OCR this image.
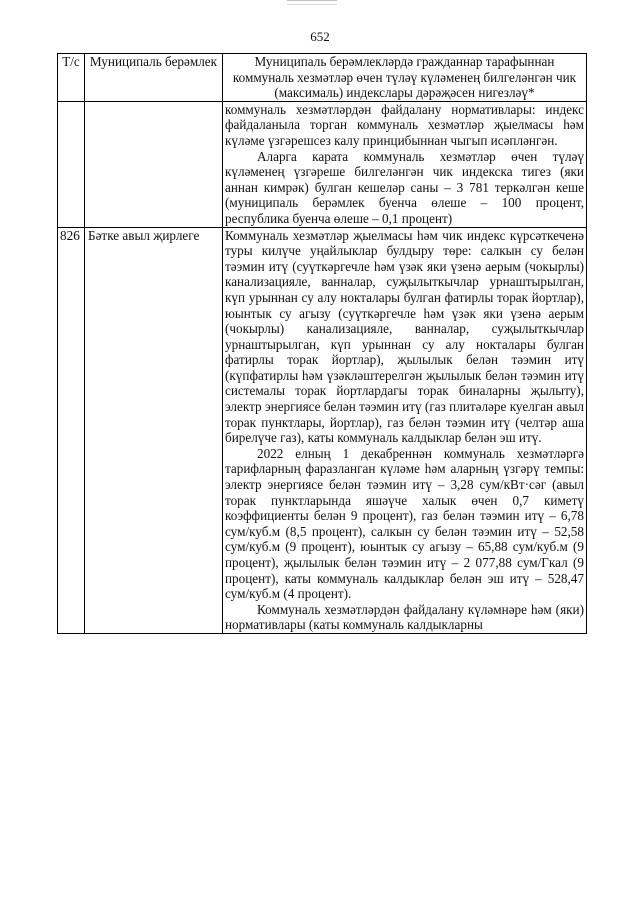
652
Т/с	Муниципаль берәмлек	Муниципаль берәмлекләрдә гражданнар тарафыннан коммуналь хезмәтләр өчен түләү күләменең билгеләнгән чик (максималь) индекслары дәрәҗәсен нигезләү*

		коммуналь хезмәтләрдән файдалану нормативлары: индекс файдаланыла торган коммуналь хезмәтләр җыелмасы һәм күләме үзгәрешсез калу принцибыннан чыгып исәпләнгән.

Аларга карата коммуналь хезмәтләр өчен түләү күләменең үзгәреше билгеләнгән чик индекска тигез (яки аннан кимрәк) булган кешеләр саны – 3 781 теркәлгән кеше (муниципаль берәмлек буенча өлеше – 100 процент, республика буенча өлеше – 0,1 процент)

826	Бәтке авыл җирлеге	Коммуналь хезмәтләр җыелмасы һәм чик индекс күрсәткеченә туры килүче уңайлыклар булдыру төре: салкын су белән тәэмин итү (суүткәргечле һәм үзәк яки үзенә аерым (чокырлы) канализацияле, ванналар, суҗылыткычлар урнаштырылган, күп урыннан су алу нокталары булган фатирлы торак йортлар), юынтык су агызу (суүткәргечле һәм үзәк яки үзенә аерым (чокырлы) канализацияле, ванналар, суҗылыткычлар урнаштырылган, күп урыннан су алу нокталары булган фатирлы торак йортлар), җылылык белән тәэмин итү (күпфатирлы һәм үзәкләштерелгән җылылык белән тәэмин итү системалы торак йортлардагы торак биналарны җылыту), электр энергиясе белән тәэмин итү (газ плитәләре куелган авыл торак пунктлары, йортлар), газ белән тәэмин итү (челтәр аша бирелүче газ), каты коммуналь калдыклар белән эш итү.

2022 елның 1 декабреннән коммуналь хезмәтләргә тарифларның фаразланган күләме һәм аларның үзгәрү темпы: электр энергиясе белән тәэмин итү – 3,28 сум/кВт·сәг (авыл торак пунктларында яшәүче халык өчен 0,7 киметү коэффициенты белән 9 процент), газ белән тәэмин итү – 6,78 сум/куб.м (8,5 процент), салкын су белән тәэмин итү – 52,58 сум/куб.м (9 процент), юынтык су агызу – 65,88 сум/куб.м (9 процент), җылылык белән тәэмин итү – 2 077,88 сум/Гкал (9 процент), каты коммуналь калдыклар белән эш итү – 528,47 сум/куб.м (4 процент).

Коммуналь хезмәтләрдән файдалану күләмнәре һәм (яки) нормативлары (каты коммуналь калдыкларны
